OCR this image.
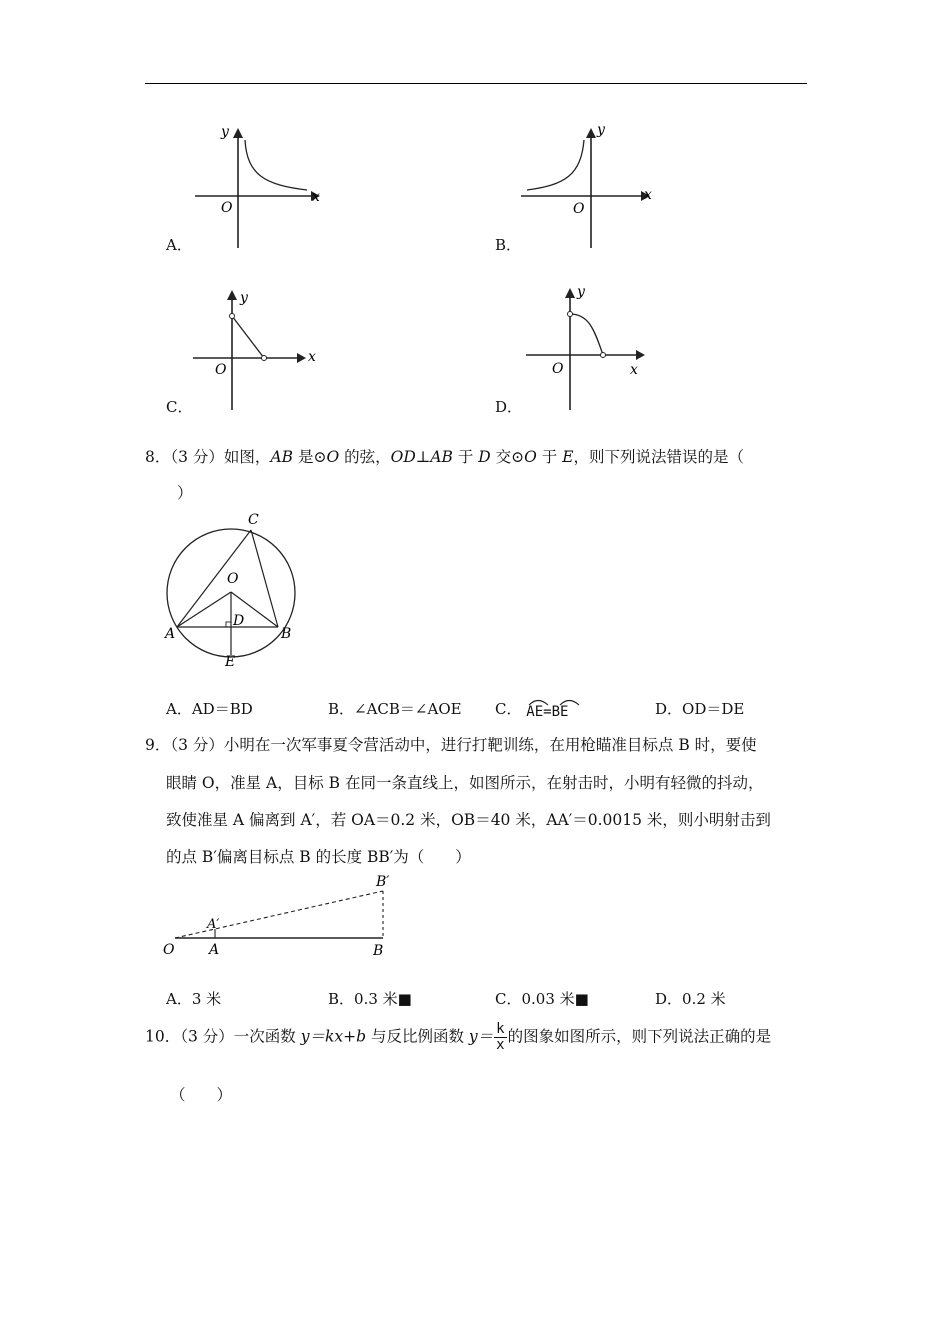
y
x
O
A．
y
x
O
B．
y
x
O
C．
y
x
O
D．
8．（3 分）如图，AB 是⊙O 的弦，OD⊥AB 于 D 交⊙O 于 E，则下列说法错误的是（
）
C
O
D
A	B
E
A．AD＝BD	B．∠ACB＝∠AOE C． AE=BE	D．OD＝DE
9．（3 分）小明在一次军事夏令营活动中，进行打靶训练，在用枪瞄准目标点 B 时，要使
眼睛 O，准星 A，目标 B 在同一条直线上，如图所示，在射击时，小明有轻微的抖动，
致使准星 A 偏离到 A′，若 OA＝0.2 米，OB＝40 米，AA′＝0.0015 米，则小明射击到
的点 B′偏离目标点 B 的长度 BB′为（　　）
O A
A′
B
B′
A．3 米	B．0.3 米■	C．0.03 米■	D．0.2 米
10．（3 分）一次函数 y＝kx+b 与反比例函数 $y= \frac{k}{x}$ 的图象如图所示，则下列说法正确的是
（　　）
